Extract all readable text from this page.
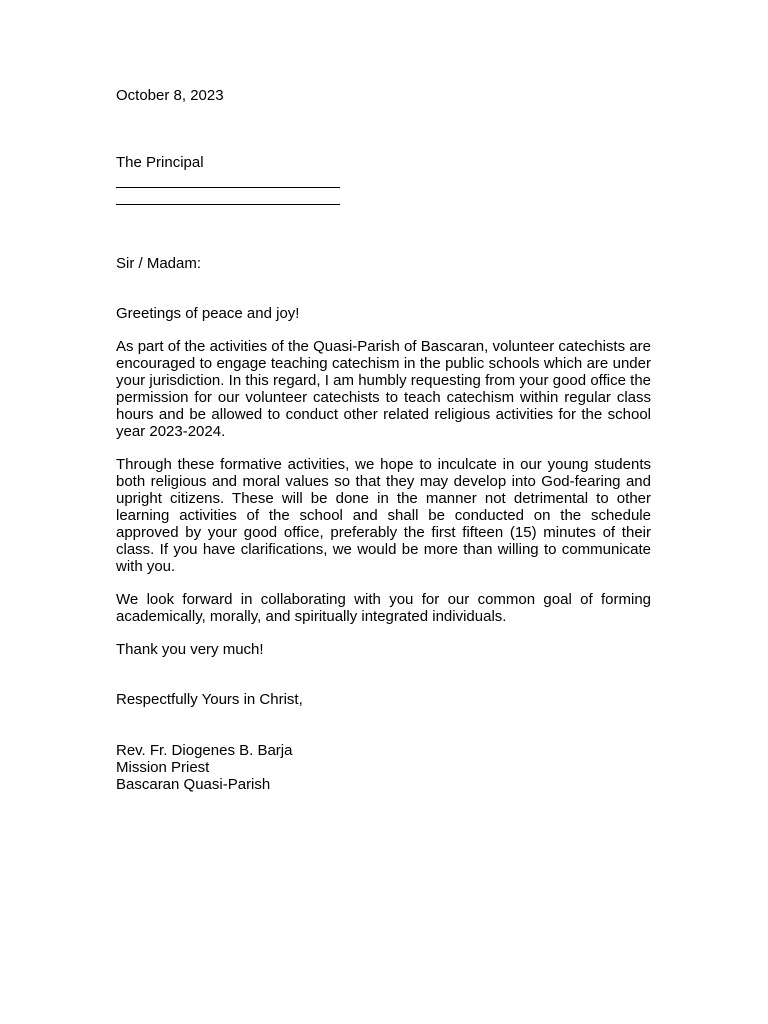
October 8, 2023
The Principal
Sir / Madam:
Greetings of peace and joy!
As part of the activities of the Quasi-Parish of Bascaran, volunteer catechists are encouraged to engage teaching catechism in the public schools which are under your jurisdiction. In this regard, I am humbly requesting from your good office the permission for our volunteer catechists to teach catechism within regular class hours and be allowed to conduct other related religious activities for the school year 2023-2024.
Through these formative activities, we hope to inculcate in our young students both religious and moral values so that they may develop into God-fearing and upright citizens. These will be done in the manner not detrimental to other learning activities of the school and shall be conducted on the schedule approved by your good office, preferably the first fifteen (15) minutes of their class. If you have clarifications, we would be more than willing to communicate with you.
We look forward in collaborating with you for our common goal of forming academically, morally, and spiritually integrated individuals.
Thank you very much!
Respectfully Yours in Christ,
Rev. Fr. Diogenes B. Barja
Mission Priest
Bascaran Quasi-Parish
